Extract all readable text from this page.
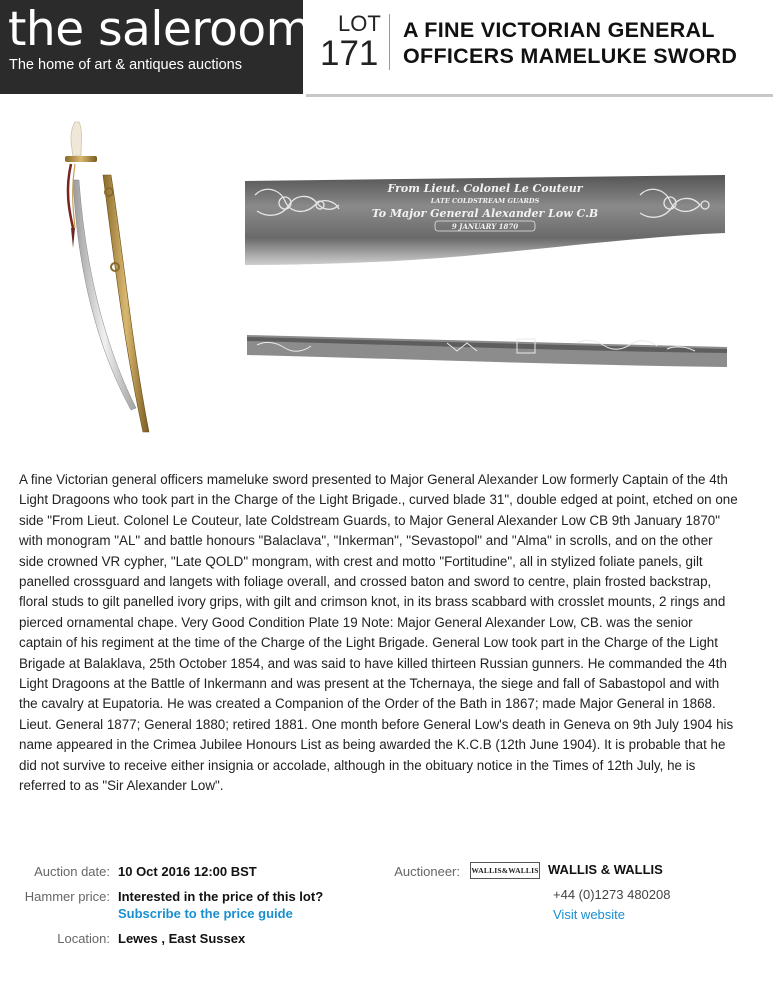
the saleroom
The home of art & antiques auctions
LOT
171
A FINE VICTORIAN GENERAL OFFICERS MAMELUKE SWORD
From Lieut. Colonel Le Couteur
LATE COLDSTREAM GUARDS
To Major General Alexander Low C.B
9 JANUARY 1870
A fine Victorian general officers mameluke sword presented to Major General Alexander Low formerly Captain of the 4th Light Dragoons who took part in the Charge of the Light Brigade., curved blade 31", double edged at point, etched on one side "From Lieut. Colonel Le Couteur, late Coldstream Guards, to Major General Alexander Low CB 9th January 1870" with monogram "AL" and battle honours "Balaclava", "Inkerman", "Sevastopol" and "Alma" in scrolls, and on the other side crowned VR cypher, "Late QOLD" mongram, with crest and motto "Fortitudine", all in stylized foliate panels, gilt panelled crossguard and langets with foliage overall, and crossed baton and sword to centre, plain frosted backstrap, floral studs to gilt panelled ivory grips, with gilt and crimson knot, in its brass scabbard with crosslet mounts, 2 rings and pierced ornamental chape. Very Good Condition Plate 19 Note: Major General Alexander Low, CB. was the senior captain of his regiment at the time of the Charge of the Light Brigade. General Low took part in the Charge of the Light Brigade at Balaklava, 25th October 1854, and was said to have killed thirteen Russian gunners. He commanded the 4th Light Dragoons at the Battle of Inkermann and was present at the Tchernaya, the siege and fall of Sabastopol and with the cavalry at Eupatoria. He was created a Companion of the Order of the Bath in 1867; made Major General in 1868. Lieut. General 1877; General 1880; retired 1881. One month before General Low's death in Geneva on 9th July 1904 his name appeared in the Crimea Jubilee Honours List as being awarded the K.C.B (12th June 1904). It is probable that he did not survive to receive either insignia or accolade, although in the obituary notice in the Times of 12th July, he is referred to as "Sir Alexander Low".
Auction date: 10 Oct 2016 12:00 BST
Hammer price: Interested in the price of this lot?
Subscribe to the price guide
Location: Lewes , East Sussex
Auctioneer: WALLIS&WALLIS WALLIS & WALLIS
+44 (0)1273 480208
Visit website
